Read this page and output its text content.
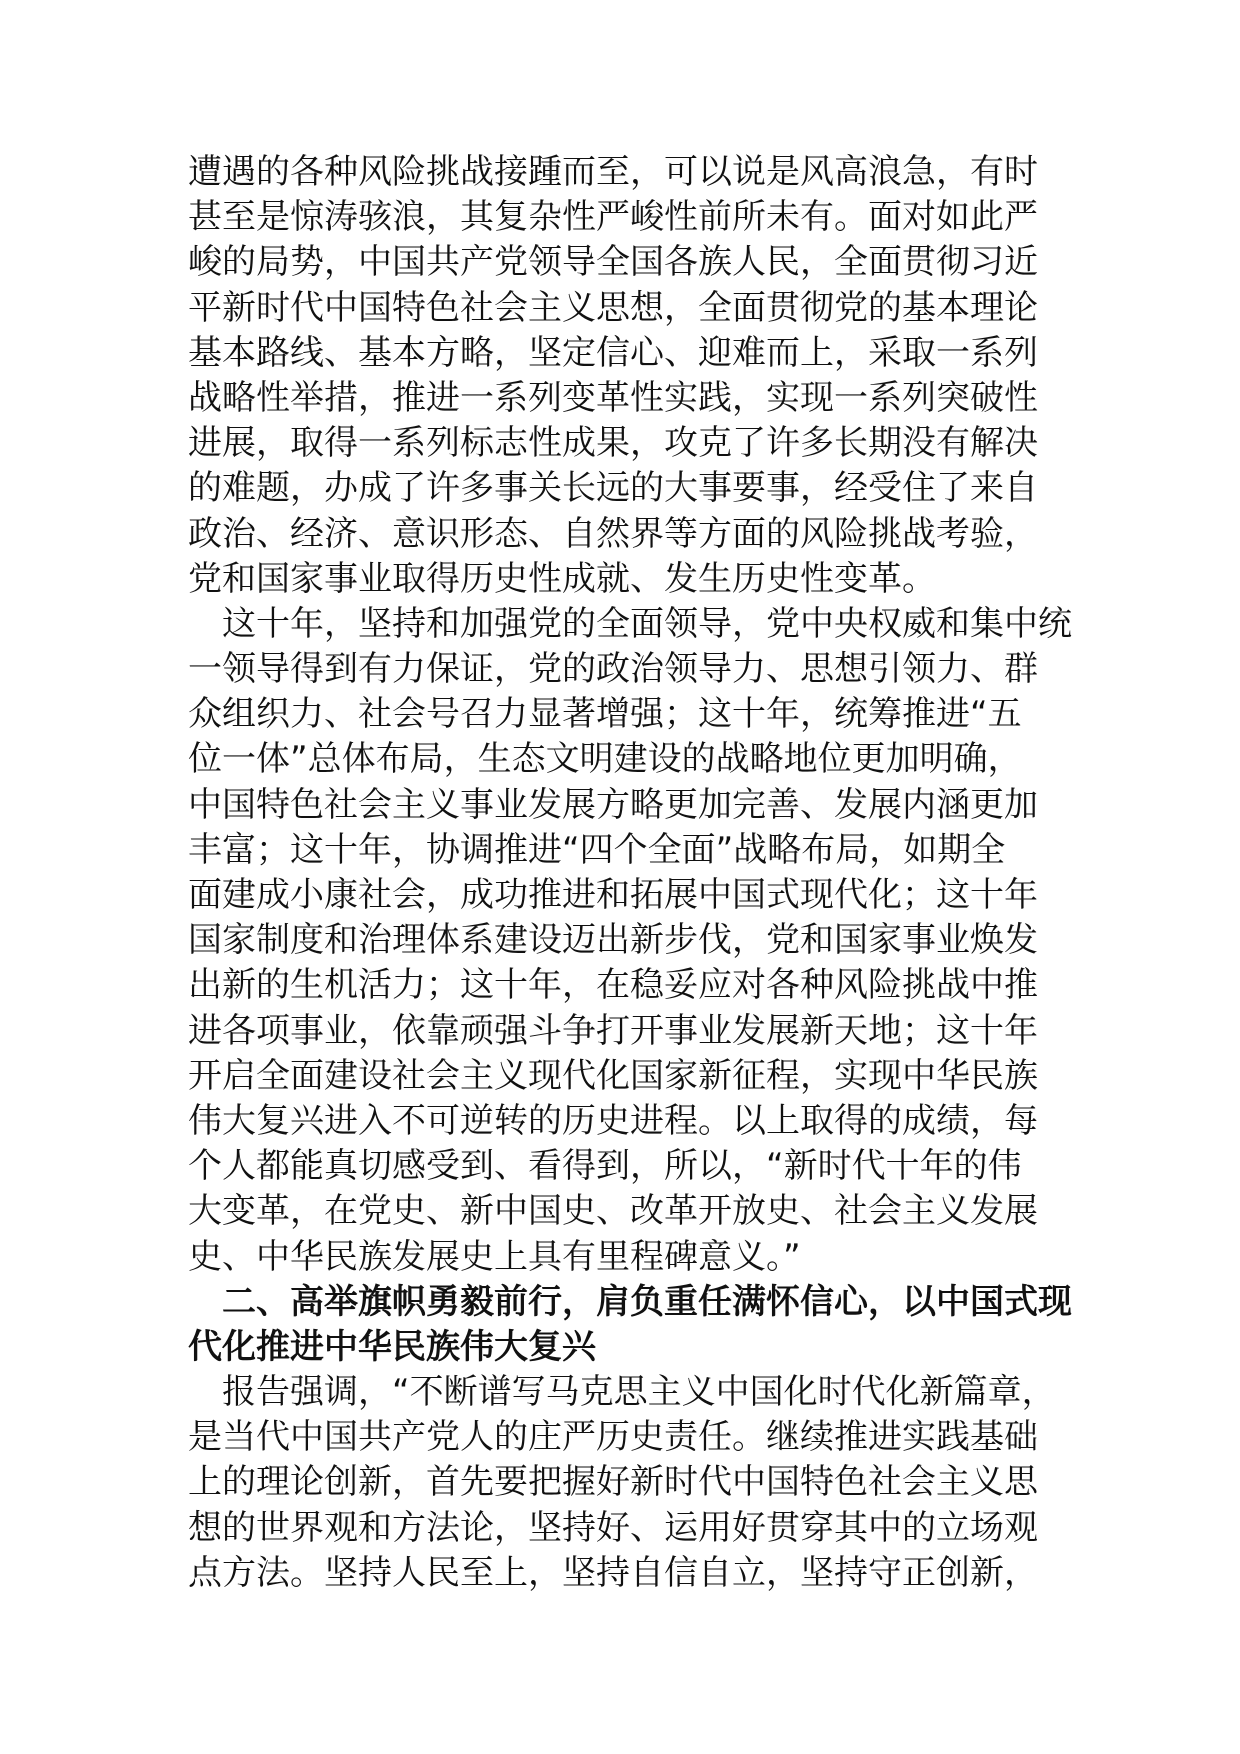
遭遇的各种风险挑战接踵而至，可以说是风高浪急，有时
甚至是惊涛骇浪，其复杂性严峻性前所未有。面对如此严
峻的局势，中国共产党领导全国各族人民，全面贯彻习近
平新时代中国特色社会主义思想，全面贯彻党的基本理论
基本路线、基本方略，坚定信心、迎难而上，采取一系列
战略性举措，推进一系列变革性实践，实现一系列突破性
进展，取得一系列标志性成果，攻克了许多长期没有解决
的难题，办成了许多事关长远的大事要事，经受住了来自
政治、经济、意识形态、自然界等方面的风险挑战考验，
党和国家事业取得历史性成就、发生历史性变革。
　这十年，坚持和加强党的全面领导，党中央权威和集中统
一领导得到有力保证，党的政治领导力、思想引领力、群
众组织力、社会号召力显著增强；这十年，统筹推进“五
位一体”总体布局，生态文明建设的战略地位更加明确，
中国特色社会主义事业发展方略更加完善、发展内涵更加
丰富；这十年，协调推进“四个全面”战略布局，如期全
面建成小康社会，成功推进和拓展中国式现代化；这十年
国家制度和治理体系建设迈出新步伐，党和国家事业焕发
出新的生机活力；这十年，在稳妥应对各种风险挑战中推
进各项事业，依靠顽强斗争打开事业发展新天地；这十年
开启全面建设社会主义现代化国家新征程，实现中华民族
伟大复兴进入不可逆转的历史进程。以上取得的成绩，每
个人都能真切感受到、看得到，所以，“新时代十年的伟
大变革，在党史、新中国史、改革开放史、社会主义发展
史、中华民族发展史上具有里程碑意义。”
　二、高举旗帜勇毅前行，肩负重任满怀信心，以中国式现
代化推进中华民族伟大复兴
　报告强调，“不断谱写马克思主义中国化时代化新篇章，
是当代中国共产党人的庄严历史责任。继续推进实践基础
上的理论创新，首先要把握好新时代中国特色社会主义思
想的世界观和方法论，坚持好、运用好贯穿其中的立场观
点方法。坚持人民至上，坚持自信自立，坚持守正创新，
